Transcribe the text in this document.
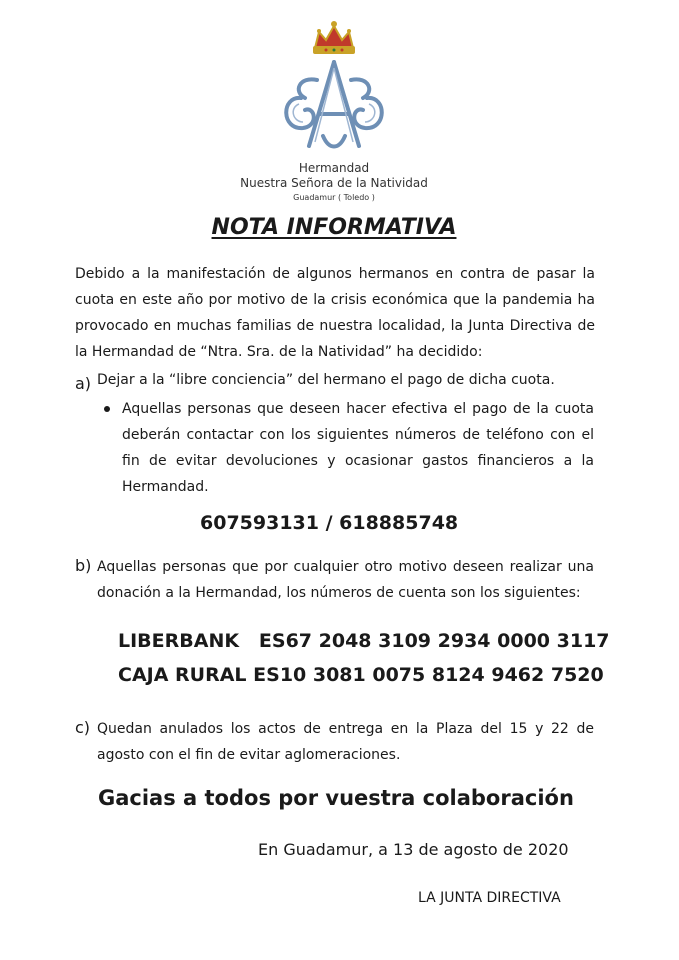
Hermandad
Nuestra Señora de la Natividad
Guadamur ( Toledo )
NOTA INFORMATIVA
Debido a la manifestación de algunos hermanos en contra de pasar la cuota en este año por motivo de la crisis económica que la pandemia ha provocado en muchas familias de nuestra localidad, la Junta Directiva de la Hermandad de “Ntra. Sra. de la Natividad” ha decidido:
a) Dejar a la “libre conciencia” del hermano el pago de dicha cuota.
Aquellas personas que deseen hacer efectiva el pago de la cuota deberán contactar con los siguientes números de teléfono con el fin de evitar devoluciones y ocasionar gastos financieros a la Hermandad.
607593131 / 618885748
b) Aquellas personas que por cualquier otro motivo deseen realizar una donación a la Hermandad, los números de cuenta son los siguientes:
LIBERBANK   ES67 2048 3109 2934 0000 3117
CAJA RURAL ES10 3081 0075 8124 9462 7520
c) Quedan anulados los actos de entrega en la Plaza del 15 y 22 de agosto con el fin de evitar aglomeraciones.
Gacias a todos por vuestra colaboración
En Guadamur, a 13 de agosto de 2020
LA JUNTA DIRECTIVA
